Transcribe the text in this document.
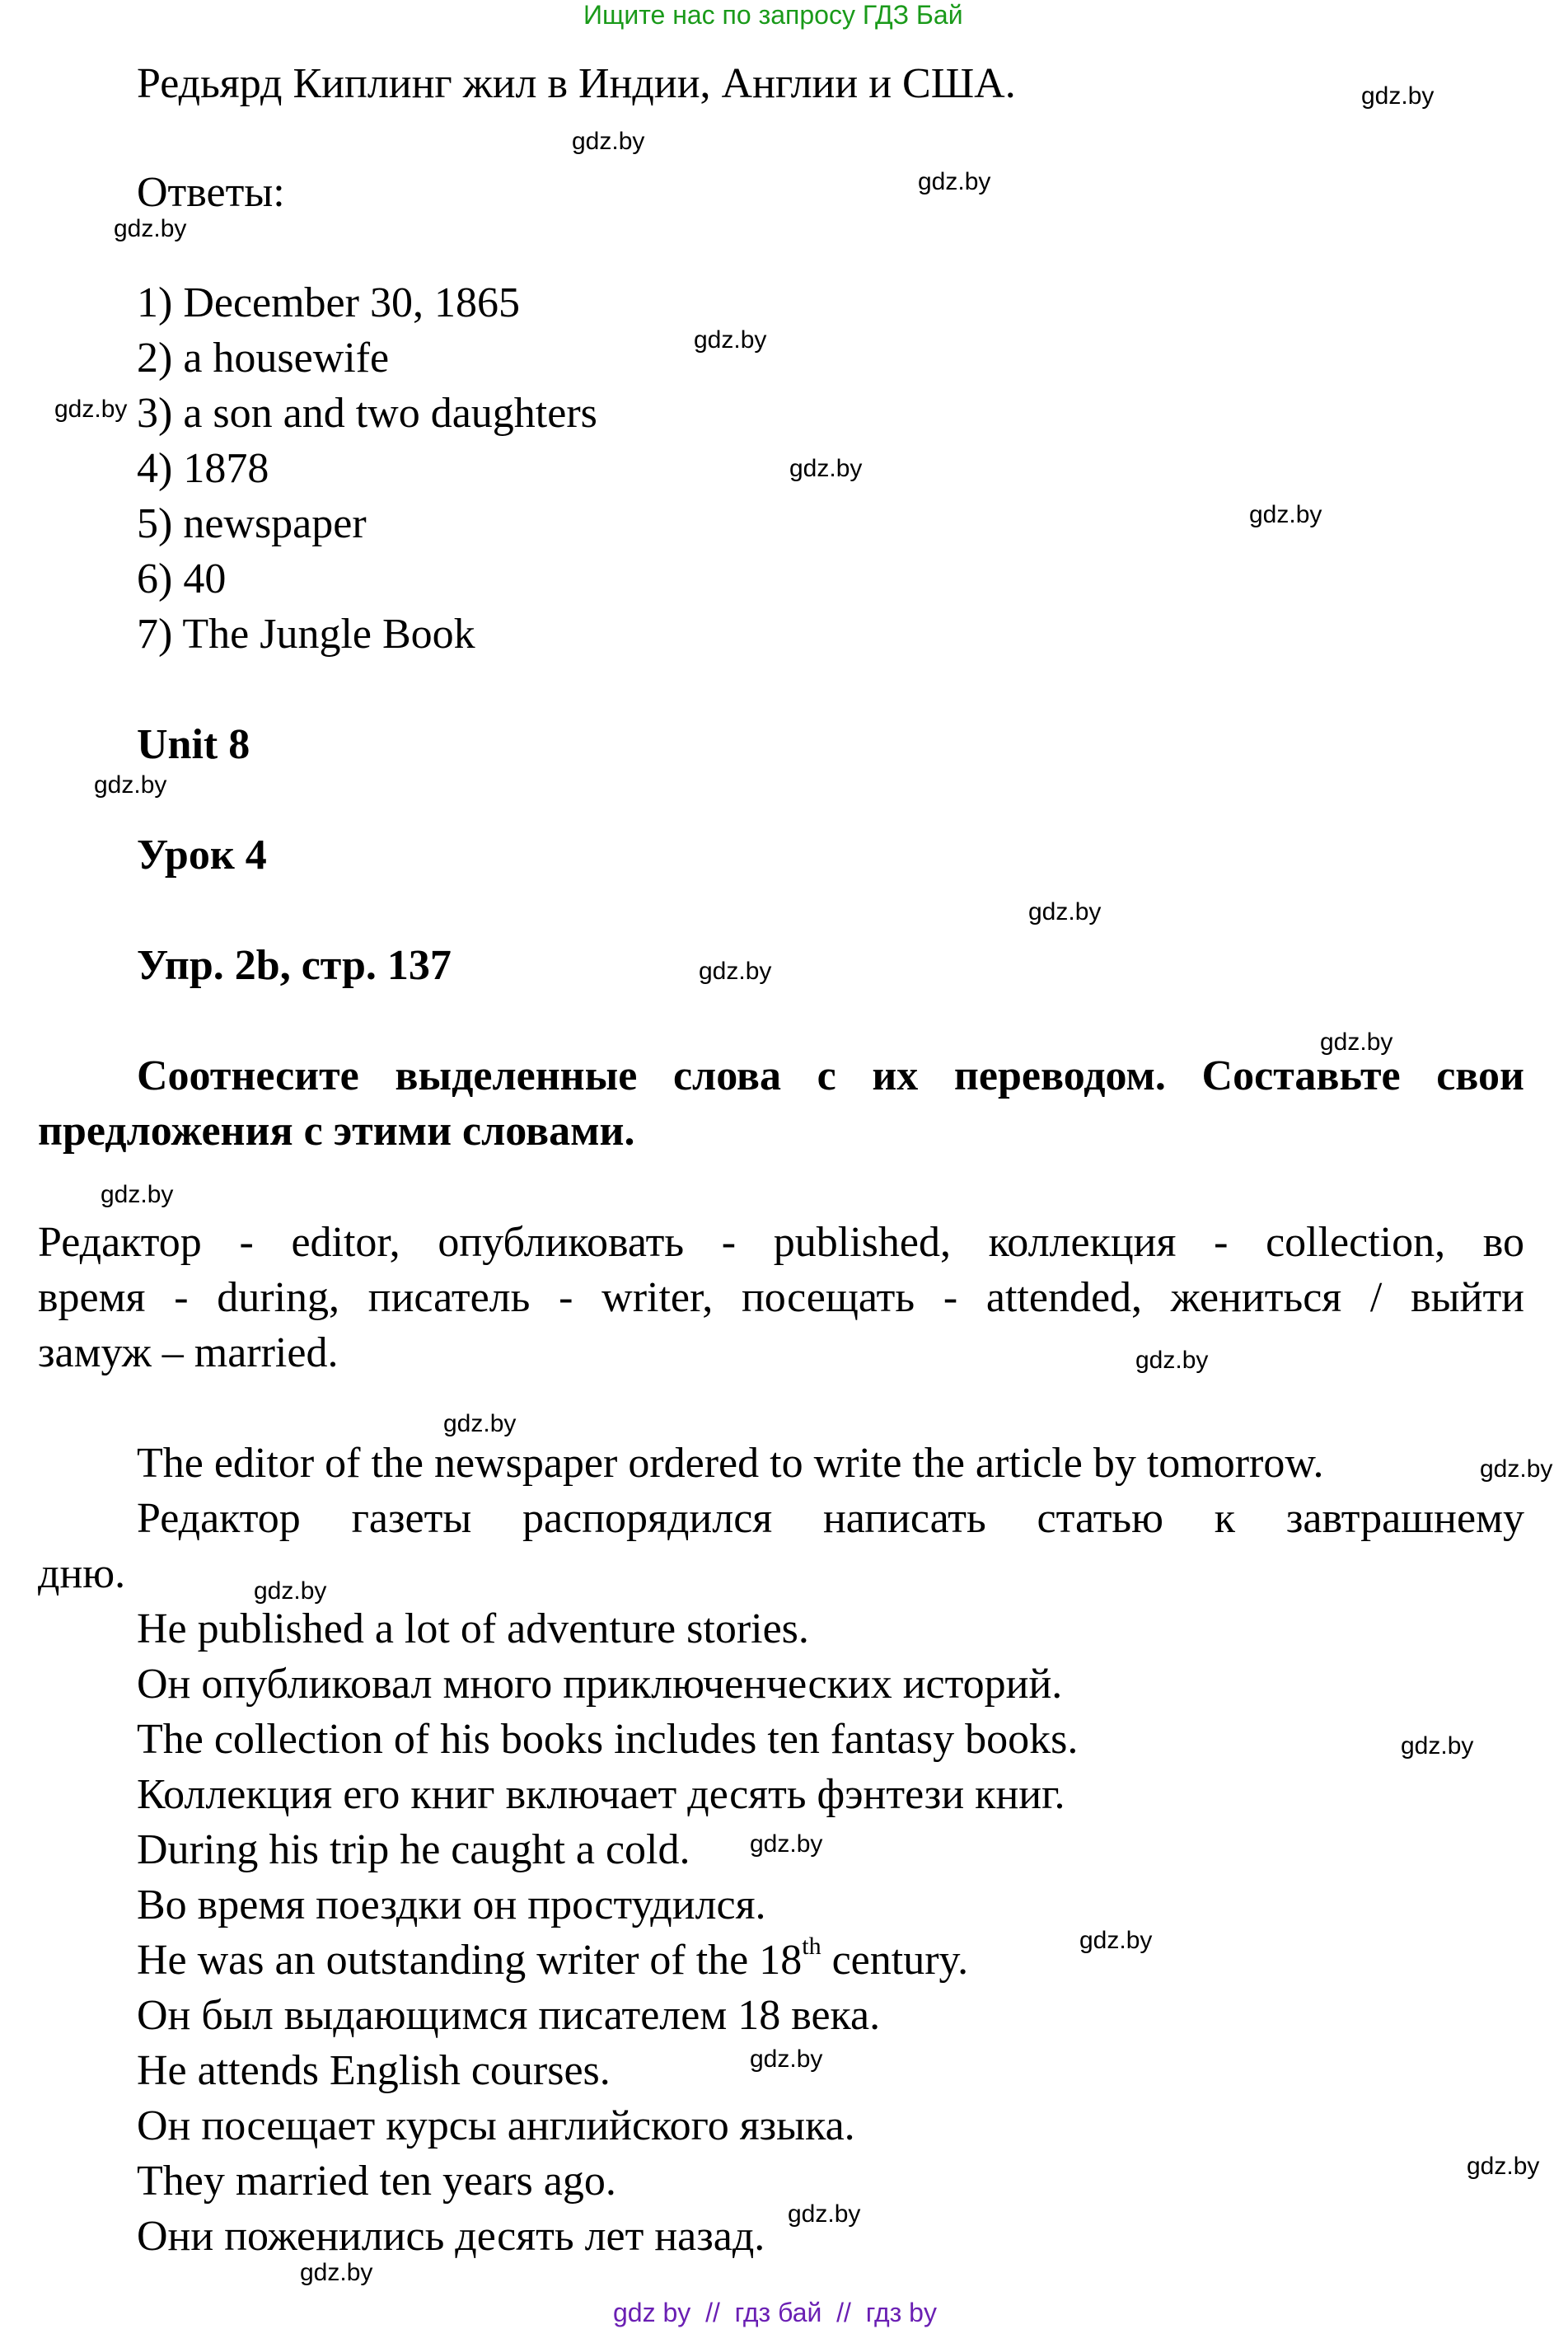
Ищите нас по запросу ГДЗ Бай
Редьярд Киплинг жил в Индии, Англии и США.
Ответы:
1) December 30, 1865
2) a housewife
3) a son and two daughters
4) 1878
5) newspaper
6) 40
7) The Jungle Book
Unit 8
Урок 4
Упр. 2b, стр. 137
Соотнесите выделенные слова с их переводом. Составьте свои
предложения с этими словами.
Редактор - editor, опубликовать - published, коллекция - collection, во
время - during, писатель - writer, посещать - attended, жениться / выйти
замуж – married.
The editor of the newspaper ordered to write the article by tomorrow.
Редактор газеты распорядился написать статью к завтрашнему
дню.
He published a lot of adventure stories.
Он опубликовал много приключенческих историй.
The collection of his books includes ten fantasy books.
Коллекция его книг включает десять фэнтези книг.
During his trip he caught a cold.
Во время поездки он простудился.
He was an outstanding writer of the 18th century.
Он был выдающимся писателем 18 века.
He attends English courses.
Он посещает курсы английского языка.
They married ten years ago.
Они поженились десять лет назад.
gdz.by
gdz.by
gdz.by
gdz.by
gdz.by
gdz.by
gdz.by
gdz.by
gdz.by
gdz.by
gdz.by
gdz.by
gdz.by
gdz.by
gdz.by
gdz.by
gdz.by
gdz.by
gdz.by
gdz.by
gdz.by
gdz.by
gdz.by
gdz.by
gdz by  //  гдз бай  //  гдз by
